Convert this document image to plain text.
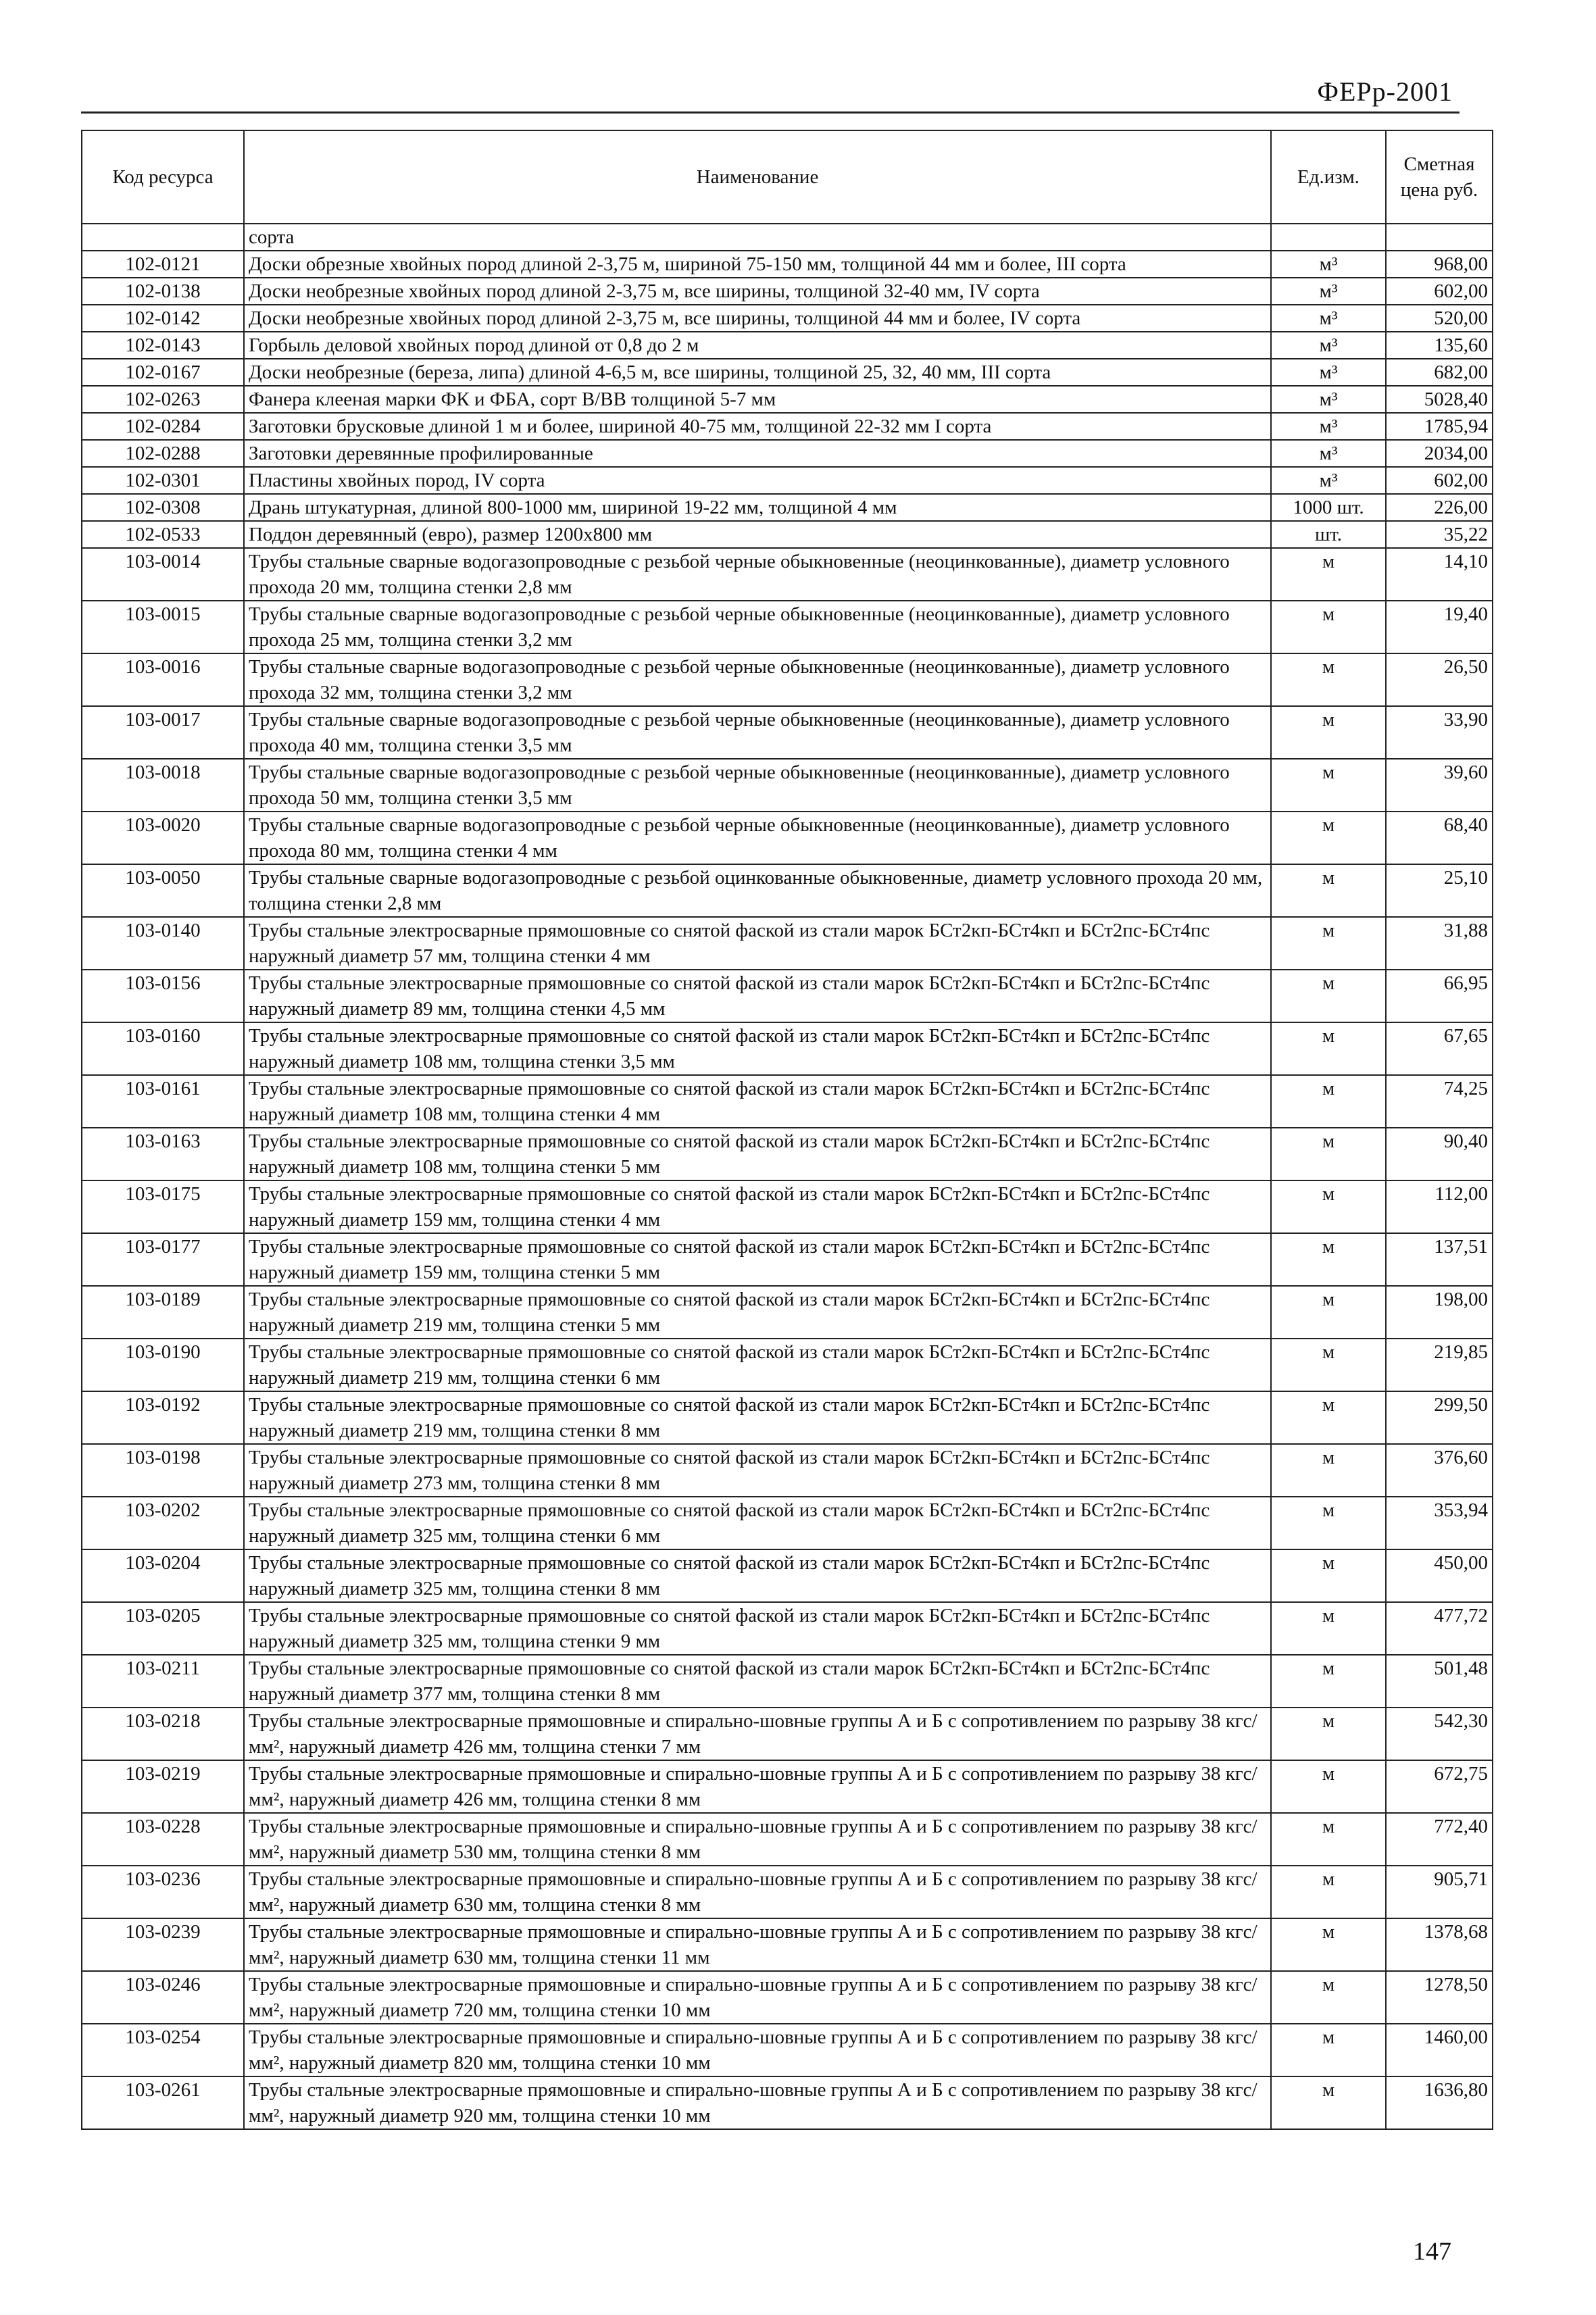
ФЕРр-2001
Код ресурса	Наименование	Ед.изм.	Сметная цена руб.
	сорта		
102-0121	Доски обрезные хвойных пород длиной 2-3,75 м, шириной 75-150 мм, толщиной 44 мм и более, III сорта	м³	968,00
102-0138	Доски необрезные хвойных пород длиной 2-3,75 м, все ширины, толщиной 32-40 мм, IV сорта	м³	602,00
102-0142	Доски необрезные хвойных пород длиной 2-3,75 м, все ширины, толщиной 44 мм и более, IV сорта	м³	520,00
102-0143	Горбыль деловой хвойных пород длиной от 0,8 до 2 м	м³	135,60
102-0167	Доски необрезные (береза, липа) длиной 4-6,5 м, все ширины, толщиной 25, 32, 40 мм, III сорта	м³	682,00
102-0263	Фанера клееная марки ФК и ФБА, сорт В/ВВ толщиной 5-7 мм	м³	5028,40
102-0284	Заготовки брусковые длиной 1 м и более, шириной 40-75 мм, толщиной 22-32 мм I сорта	м³	1785,94
102-0288	Заготовки деревянные профилированные	м³	2034,00
102-0301	Пластины хвойных пород, IV сорта	м³	602,00
102-0308	Дрань штукатурная, длиной 800-1000 мм, шириной 19-22 мм, толщиной 4 мм	1000 шт.	226,00
102-0533	Поддон деревянный (евро), размер 1200х800 мм	шт.	35,22
103-0014	Трубы стальные сварные водогазопроводные с резьбой черные обыкновенные (неоцинкованные), диаметр условного прохода 20 мм, толщина стенки 2,8 мм	м	14,10
103-0015	Трубы стальные сварные водогазопроводные с резьбой черные обыкновенные (неоцинкованные), диаметр условного прохода 25 мм, толщина стенки 3,2 мм	м	19,40
103-0016	Трубы стальные сварные водогазопроводные с резьбой черные обыкновенные (неоцинкованные), диаметр условного прохода 32 мм, толщина стенки 3,2 мм	м	26,50
103-0017	Трубы стальные сварные водогазопроводные с резьбой черные обыкновенные (неоцинкованные), диаметр условного прохода 40 мм, толщина стенки 3,5 мм	м	33,90
103-0018	Трубы стальные сварные водогазопроводные с резьбой черные обыкновенные (неоцинкованные), диаметр условного прохода 50 мм, толщина стенки 3,5 мм	м	39,60
103-0020	Трубы стальные сварные водогазопроводные с резьбой черные обыкновенные (неоцинкованные), диаметр условного прохода 80 мм, толщина стенки 4 мм	м	68,40
103-0050	Трубы стальные сварные водогазопроводные с резьбой оцинкованные обыкновенные, диаметр условного прохода 20 мм, толщина стенки 2,8 мм	м	25,10
103-0140	Трубы стальные электросварные прямошовные со снятой фаской из стали марок БСт2кп-БСт4кп и БСт2пс-БСт4пс наружный диаметр 57 мм, толщина стенки 4 мм	м	31,88
103-0156	Трубы стальные электросварные прямошовные со снятой фаской из стали марок БСт2кп-БСт4кп и БСт2пс-БСт4пс наружный диаметр 89 мм, толщина стенки 4,5 мм	м	66,95
103-0160	Трубы стальные электросварные прямошовные со снятой фаской из стали марок БСт2кп-БСт4кп и БСт2пс-БСт4пс наружный диаметр 108 мм, толщина стенки 3,5 мм	м	67,65
103-0161	Трубы стальные электросварные прямошовные со снятой фаской из стали марок БСт2кп-БСт4кп и БСт2пс-БСт4пс наружный диаметр 108 мм, толщина стенки 4 мм	м	74,25
103-0163	Трубы стальные электросварные прямошовные со снятой фаской из стали марок БСт2кп-БСт4кп и БСт2пс-БСт4пс наружный диаметр 108 мм, толщина стенки 5 мм	м	90,40
103-0175	Трубы стальные электросварные прямошовные со снятой фаской из стали марок БСт2кп-БСт4кп и БСт2пс-БСт4пс наружный диаметр 159 мм, толщина стенки 4 мм	м	112,00
103-0177	Трубы стальные электросварные прямошовные со снятой фаской из стали марок БСт2кп-БСт4кп и БСт2пс-БСт4пс наружный диаметр 159 мм, толщина стенки 5 мм	м	137,51
103-0189	Трубы стальные электросварные прямошовные со снятой фаской из стали марок БСт2кп-БСт4кп и БСт2пс-БСт4пс наружный диаметр 219 мм, толщина стенки 5 мм	м	198,00
103-0190	Трубы стальные электросварные прямошовные со снятой фаской из стали марок БСт2кп-БСт4кп и БСт2пс-БСт4пс наружный диаметр 219 мм, толщина стенки 6 мм	м	219,85
103-0192	Трубы стальные электросварные прямошовные со снятой фаской из стали марок БСт2кп-БСт4кп и БСт2пс-БСт4пс наружный диаметр 219 мм, толщина стенки 8 мм	м	299,50
103-0198	Трубы стальные электросварные прямошовные со снятой фаской из стали марок БСт2кп-БСт4кп и БСт2пс-БСт4пс наружный диаметр 273 мм, толщина стенки 8 мм	м	376,60
103-0202	Трубы стальные электросварные прямошовные со снятой фаской из стали марок БСт2кп-БСт4кп и БСт2пс-БСт4пс наружный диаметр 325 мм, толщина стенки 6 мм	м	353,94
103-0204	Трубы стальные электросварные прямошовные со снятой фаской из стали марок БСт2кп-БСт4кп и БСт2пс-БСт4пс наружный диаметр 325 мм, толщина стенки 8 мм	м	450,00
103-0205	Трубы стальные электросварные прямошовные со снятой фаской из стали марок БСт2кп-БСт4кп и БСт2пс-БСт4пс наружный диаметр 325 мм, толщина стенки 9 мм	м	477,72
103-0211	Трубы стальные электросварные прямошовные со снятой фаской из стали марок БСт2кп-БСт4кп и БСт2пс-БСт4пс наружный диаметр 377 мм, толщина стенки 8 мм	м	501,48
103-0218	Трубы стальные электросварные прямошовные и спирально-шовные группы А и Б с сопротивлением по разрыву 38 кгс/мм², наружный диаметр 426 мм, толщина стенки 7 мм	м	542,30
103-0219	Трубы стальные электросварные прямошовные и спирально-шовные группы А и Б с сопротивлением по разрыву 38 кгс/мм², наружный диаметр 426 мм, толщина стенки 8 мм	м	672,75
103-0228	Трубы стальные электросварные прямошовные и спирально-шовные группы А и Б с сопротивлением по разрыву 38 кгс/мм², наружный диаметр 530 мм, толщина стенки 8 мм	м	772,40
103-0236	Трубы стальные электросварные прямошовные и спирально-шовные группы А и Б с сопротивлением по разрыву 38 кгс/мм², наружный диаметр 630 мм, толщина стенки 8 мм	м	905,71
103-0239	Трубы стальные электросварные прямошовные и спирально-шовные группы А и Б с сопротивлением по разрыву 38 кгс/мм², наружный диаметр 630 мм, толщина стенки 11 мм	м	1378,68
103-0246	Трубы стальные электросварные прямошовные и спирально-шовные группы А и Б с сопротивлением по разрыву 38 кгс/мм², наружный диаметр 720 мм, толщина стенки 10 мм	м	1278,50
103-0254	Трубы стальные электросварные прямошовные и спирально-шовные группы А и Б с сопротивлением по разрыву 38 кгс/мм², наружный диаметр 820 мм, толщина стенки 10 мм	м	1460,00
103-0261	Трубы стальные электросварные прямошовные и спирально-шовные группы А и Б с сопротивлением по разрыву 38 кгс/мм², наружный диаметр 920 мм, толщина стенки 10 мм	м	1636,80
147
